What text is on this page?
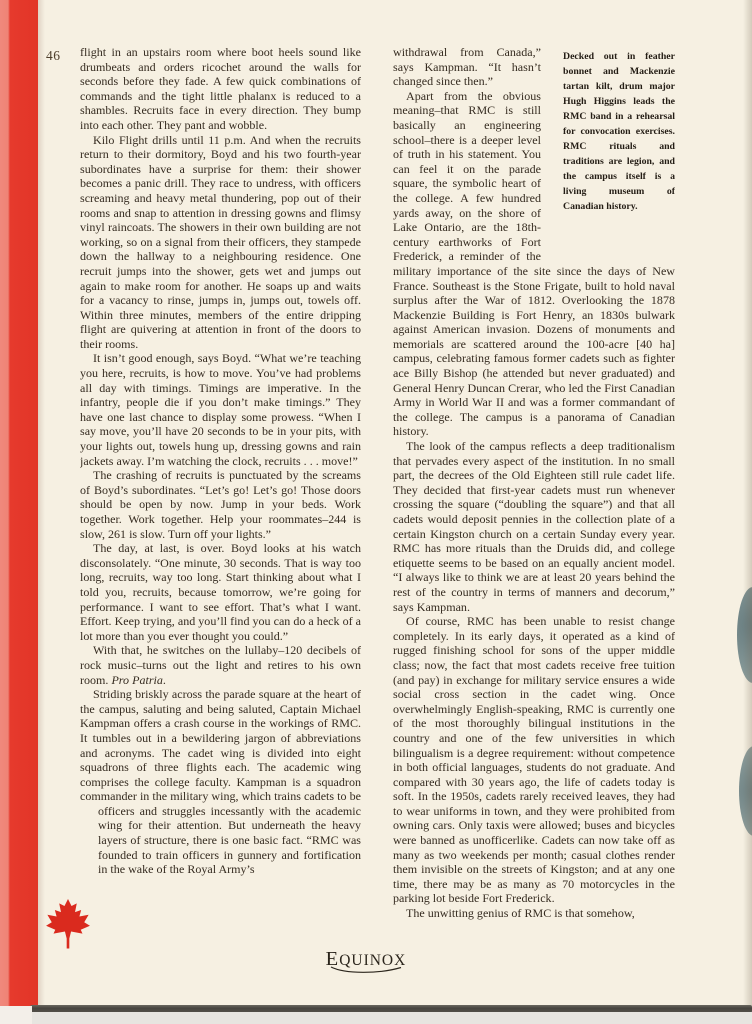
46 flight in an upstairs room where boot heels sound like drumbeats and orders ricochet around the walls for seconds before they fade. A few quick combinations of commands and the tight little phalanx is reduced to a shambles. Recruits face in every direction. They bump into each other. They pant and wobble.

Kilo Flight drills until 11 p.m. And when the recruits return to their dormitory, Boyd and his two fourth-year subordinates have a surprise for them: their shower becomes a panic drill. They race to undress, with officers screaming and heavy metal thundering, pop out of their rooms and snap to attention in dressing gowns and flimsy vinyl raincoats. The showers in their own building are not working, so on a signal from their officers, they stampede down the hallway to a neighbouring residence. One recruit jumps into the shower, gets wet and jumps out again to make room for another. He soaps up and waits for a vacancy to rinse, jumps in, jumps out, towels off. Within three minutes, members of the entire dripping flight are quivering at attention in front of the doors to their rooms.

It isn’t good enough, says Boyd. “What we’re teaching you here, recruits, is how to move. You’ve had problems all day with timings. Timings are imperative. In the infantry, people die if you don’t make timings.” They have one last chance to display some prowess. “When I say move, you’ll have 20 seconds to be in your pits, with your lights out, towels hung up, dressing gowns and rain jackets away. I’m watching the clock, recruits . . . move!”

The crashing of recruits is punctuated by the screams of Boyd’s subordinates. “Let’s go! Let’s go! Those doors should be open by now. Jump in your beds. Work together. Work together. Help your roommates–244 is slow, 261 is slow. Turn off your lights.”

The day, at last, is over. Boyd looks at his watch disconsolately. “One minute, 30 seconds. That is way too long, recruits, way too long. Start thinking about what I told you, recruits, because tomorrow, we’re going for performance. I want to see effort. That’s what I want. Effort. Keep trying, and you’ll find you can do a heck of a lot more than you ever thought you could.”

With that, he switches on the lullaby–120 decibels of rock music–turns out the light and retires to his own room. Pro Patria.

Striding briskly across the parade square at the heart of the campus, saluting and being saluted, Captain Michael Kampman offers a crash course in the workings of RMC. It tumbles out in a bewildering jargon of abbreviations and acronyms. The cadet wing is divided into eight squadrons of three flights each. The academic wing comprises the college faculty. Kampman is a squadron commander in the military wing, which trains cadets to be officers and struggles incessantly with the academic
wing for their attention. But underneath the heavy layers of structure, there is one basic fact. “RMC was founded to train officers in gunnery and fortification in the wake of the Royal Army’s

Decked out in feather bonnet and Mackenzie tartan kilt, drum major Hugh Higgins leads the RMC band in a rehearsal for convocation exercises. RMC rituals and traditions are legion, and the campus itself is a living museum of Canadian history.

withdrawal from Canada,” says Kampman. “It hasn’t changed since then.”

Apart from the obvious meaning–that RMC is still basically an engineering school–there is a deeper level of truth in his statement. You can feel it on the parade square, the symbolic heart of the college. A few hundred yards away, on the shore of Lake Ontario, are the 18th-century earthworks of Fort Frederick, a reminder of the military importance of the site since the days of New France. Southeast is the Stone Frigate, built to hold naval surplus after the War of 1812. Overlooking the 1878 Mackenzie Building is Fort Henry, an 1830s bulwark against American invasion. Dozens of monuments and memorials are scattered around the 100-acre [40 ha] campus, celebrating famous former cadets such as fighter ace Billy Bishop (he attended but never graduated) and General Henry Duncan Crerar, who led the First Canadian Army in World War II and was a former commandant of the college. The campus is a panorama of Canadian history.

The look of the campus reflects a deep traditionalism that pervades every aspect of the institution. In no small part, the decrees of the Old Eighteen still rule cadet life. They decided that first-year cadets must run whenever crossing the square (“doubling the square”) and that all cadets would deposit pennies in the collection plate of a certain Kingston church on a certain Sunday every year. RMC has more rituals than the Druids did, and college etiquette seems to be based on an equally ancient model. “I always like to think we are at least 20 years behind the rest of the country in terms of manners and decorum,” says Kampman.

Of course, RMC has been unable to resist change completely. In its early days, it operated as a kind of rugged finishing school for sons of the upper middle class; now, the fact that most cadets receive free tuition (and pay) in exchange for military service ensures a wide social cross section in the cadet wing. Once overwhelmingly English-speaking, RMC is currently one of the most thoroughly bilingual institutions in the country and one of the few universities in which bilingualism is a degree requirement: without competence in both official languages, students do not graduate. And compared with 30 years ago, the life of cadets today is soft. In the 1950s, cadets rarely received leaves, they had to wear uniforms in town, and they were prohibited from owning cars. Only taxis were allowed; buses and bicycles were banned as unofficerlike. Cadets can now take off as many as two weekends per month; casual clothes render them invisible on the streets of Kingston; and at any one time, there may be as many as 70 motorcycles in the parking lot beside Fort Frederick.

The unwitting genius of RMC is that somehow,

EQUINOX
